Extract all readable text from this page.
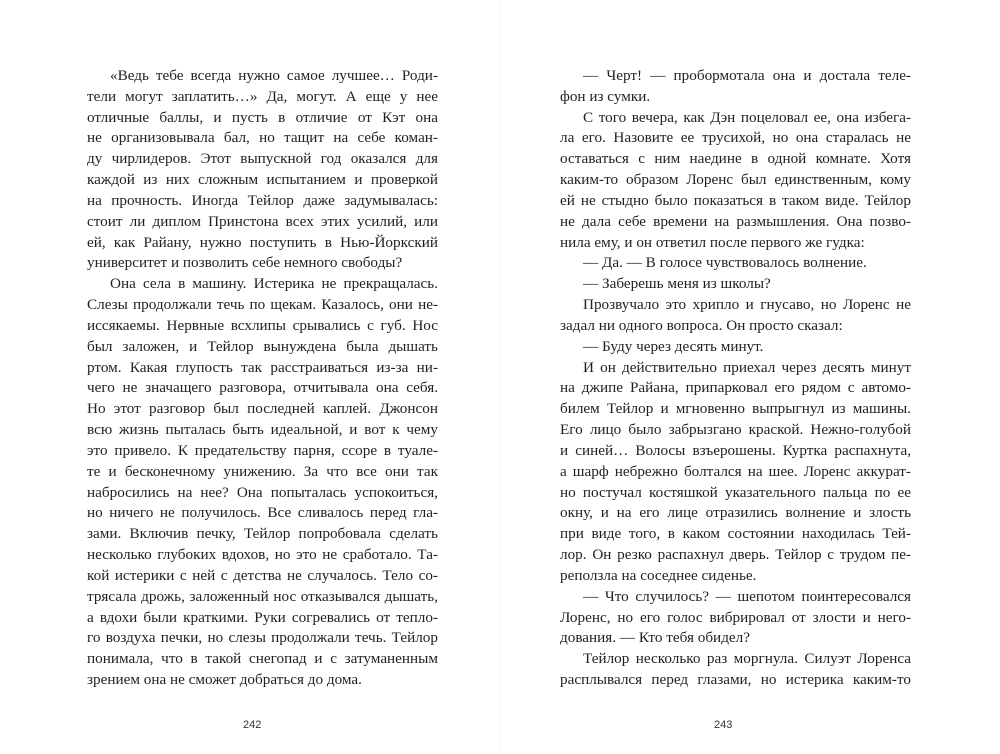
«Ведь тебе всегда нужно самое лучшее… Роди-
тели могут заплатить…» Да, могут. А еще у нее
отличные баллы, и пусть в отличие от Кэт она
не организовывала бал, но тащит на себе коман-
ду чирлидеров. Этот выпускной год оказался для
каждой из них сложным испытанием и проверкой
на прочность. Иногда Тейлор даже задумывалась:
стоит ли диплом Принстона всех этих усилий, или
ей, как Райану, нужно поступить в Нью-Йоркский
университет и позволить себе немного свободы?
Она села в машину. Истерика не прекращалась.
Слезы продолжали течь по щекам. Казалось, они не-
иссякаемы. Нервные всхлипы срывались с губ. Нос
был заложен, и Тейлор вынуждена была дышать
ртом. Какая глупость так расстраиваться из-за ни-
чего не значащего разговора, отчитывала она себя.
Но этот разговор был последней каплей. Джонсон
всю жизнь пыталась быть идеальной, и вот к чему
это привело. К предательству парня, ссоре в туале-
те и бесконечному унижению. За что все они так
набросились на нее? Она попыталась успокоиться,
но ничего не получилось. Все сливалось перед гла-
зами. Включив печку, Тейлор попробовала сделать
несколько глубоких вдохов, но это не сработало. Та-
кой истерики с ней с детства не случалось. Тело со-
трясала дрожь, заложенный нос отказывался дышать,
а вдохи были краткими. Руки согревались от тепло-
го воздуха печки, но слезы продолжали течь. Тейлор
понимала, что в такой снегопад и с затуманенным
зрением она не сможет добраться до дома.
— Черт! — пробормотала она и достала теле-
фон из сумки.
С того вечера, как Дэн поцеловал ее, она избега-
ла его. Назовите ее трусихой, но она старалась не
оставаться с ним наедине в одной комнате. Хотя
каким-то образом Лоренс был единственным, кому
ей не стыдно было показаться в таком виде. Тейлор
не дала себе времени на размышления. Она позво-
нила ему, и он ответил после первого же гудка:
— Да. — В голосе чувствовалось волнение.
— Заберешь меня из школы?
Прозвучало это хрипло и гнусаво, но Лоренс не
задал ни одного вопроса. Он просто сказал:
— Буду через десять минут.
И он действительно приехал через десять минут
на джипе Райана, припарковал его рядом с автомо-
билем Тейлор и мгновенно выпрыгнул из машины.
Его лицо было забрызгано краской. Нежно-голубой
и синей… Волосы взъерошены. Куртка распахнута,
а шарф небрежно болтался на шее. Лоренс аккурат-
но постучал костяшкой указательного пальца по ее
окну, и на его лице отразились волнение и злость
при виде того, в каком состоянии находилась Тей-
лор. Он резко распахнул дверь. Тейлор с трудом пе-
реползла на соседнее сиденье.
— Что случилось? — шепотом поинтересовался
Лоренс, но его голос вибрировал от злости и него-
дования. — Кто тебя обидел?
Тейлор несколько раз моргнула. Силуэт Лоренса
расплывался перед глазами, но истерика каким-то
242	243
